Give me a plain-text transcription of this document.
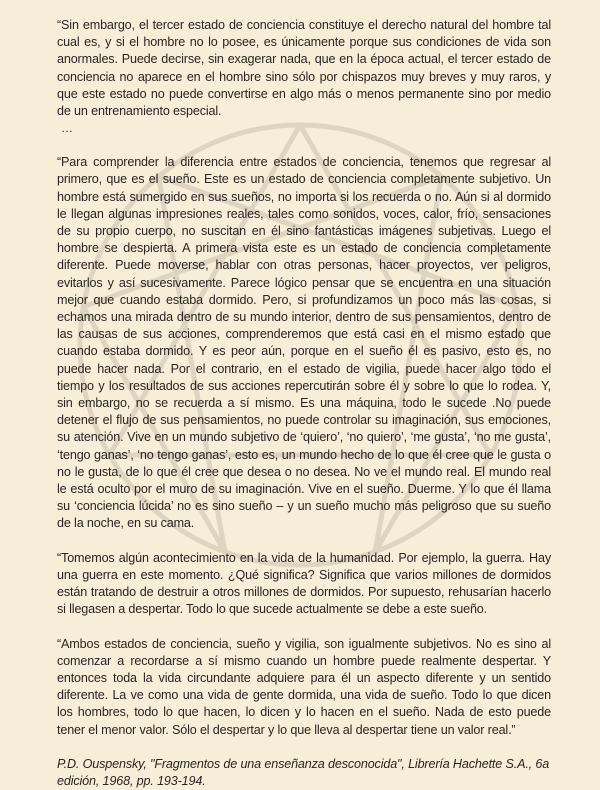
“Sin embargo, el tercer estado de conciencia constituye el derecho natural del hombre tal cual es, y si el hombre no lo posee, es únicamente porque sus condiciones de vida son anormales. Puede decirse, sin exagerar nada, que en la época actual, el tercer estado de conciencia no aparece en el hombre sino sólo por chispazos muy breves y muy raros, y que este estado no puede convertirse en algo más o menos permanente sino por medio de un entrenamiento especial.

…

“Para comprender la diferencia entre estados de conciencia, tenemos que regresar al primero, que es el sueño. Este es un estado de conciencia completamente subjetivo. Un hombre está sumergido en sus sueños, no importa si los recuerda o no. Aún si al dormido le llegan algunas impresiones reales, tales como sonidos, voces, calor, frío, sensaciones de su propio cuerpo, no suscitan en él sino fantásticas imágenes subjetivas. Luego el hombre se despierta. A primera vista este es un estado de conciencia completamente diferente. Puede moverse, hablar con otras personas, hacer proyectos, ver peligros, evitarlos y así sucesivamente. Parece lógico pensar que se encuentra en una situación mejor que cuando estaba dormido. Pero, si profundizamos un poco más las cosas, si echamos una mirada dentro de su mundo interior, dentro de sus pensamientos, dentro de las causas de sus acciones, comprenderemos que está casi en el mismo estado que cuando estaba dormido. Y es peor aún, porque en el sueño él es pasivo, esto es, no puede hacer nada. Por el contrario, en el estado de vigilia, puede hacer algo todo el tiempo y los resultados de sus acciones repercutirán sobre él y sobre lo que lo rodea. Y, sin embargo, no se recuerda a sí mismo. Es una máquina, todo le sucede .No puede detener el flujo de sus pensamientos, no puede controlar su imaginación, sus emociones, su atención. Vive en un mundo subjetivo de ‘quiero’, ‘no quiero’, ‘me gusta’, ‘no me gusta’, ‘tengo ganas’, ‘no tengo ganas’, esto es, un mundo hecho de lo que él cree que le gusta o no le gusta, de lo que él cree que desea o no desea. No ve el mundo real. El mundo real le está oculto por el muro de su imaginación. Vive en el sueño. Duerme. Y lo que él llama su ‘conciencia lúcida’ no es sino sueño – y un sueño mucho más peligroso que su sueño de la noche, en su cama.

“Tomemos algún acontecimiento en la vida de la humanidad. Por ejemplo, la guerra. Hay una guerra en este momento. ¿Qué significa? Significa que varios millones de dormidos están tratando de destruir a otros millones de dormidos. Por supuesto, rehusarían hacerlo si llegasen a despertar. Todo lo que sucede actualmente se debe a este sueño.

“Ambos estados de conciencia, sueño y vigilia, son igualmente subjetivos. No es sino al comenzar a recordarse a sí mismo cuando un hombre puede realmente despertar. Y entonces toda la vida circundante adquiere para él un aspecto diferente y un sentido diferente. La ve como una vida de gente dormida, una vida de sueño. Todo lo que dicen los hombres, todo lo que hacen, lo dicen y lo hacen en el sueño. Nada de esto puede tener el menor valor. Sólo el despertar y lo que lleva al despertar tiene un valor real.”

P.D. Ouspensky, "Fragmentos de una enseñanza desconocida", Librería Hachette S.A., 6a edición, 1968, pp. 193-194.
